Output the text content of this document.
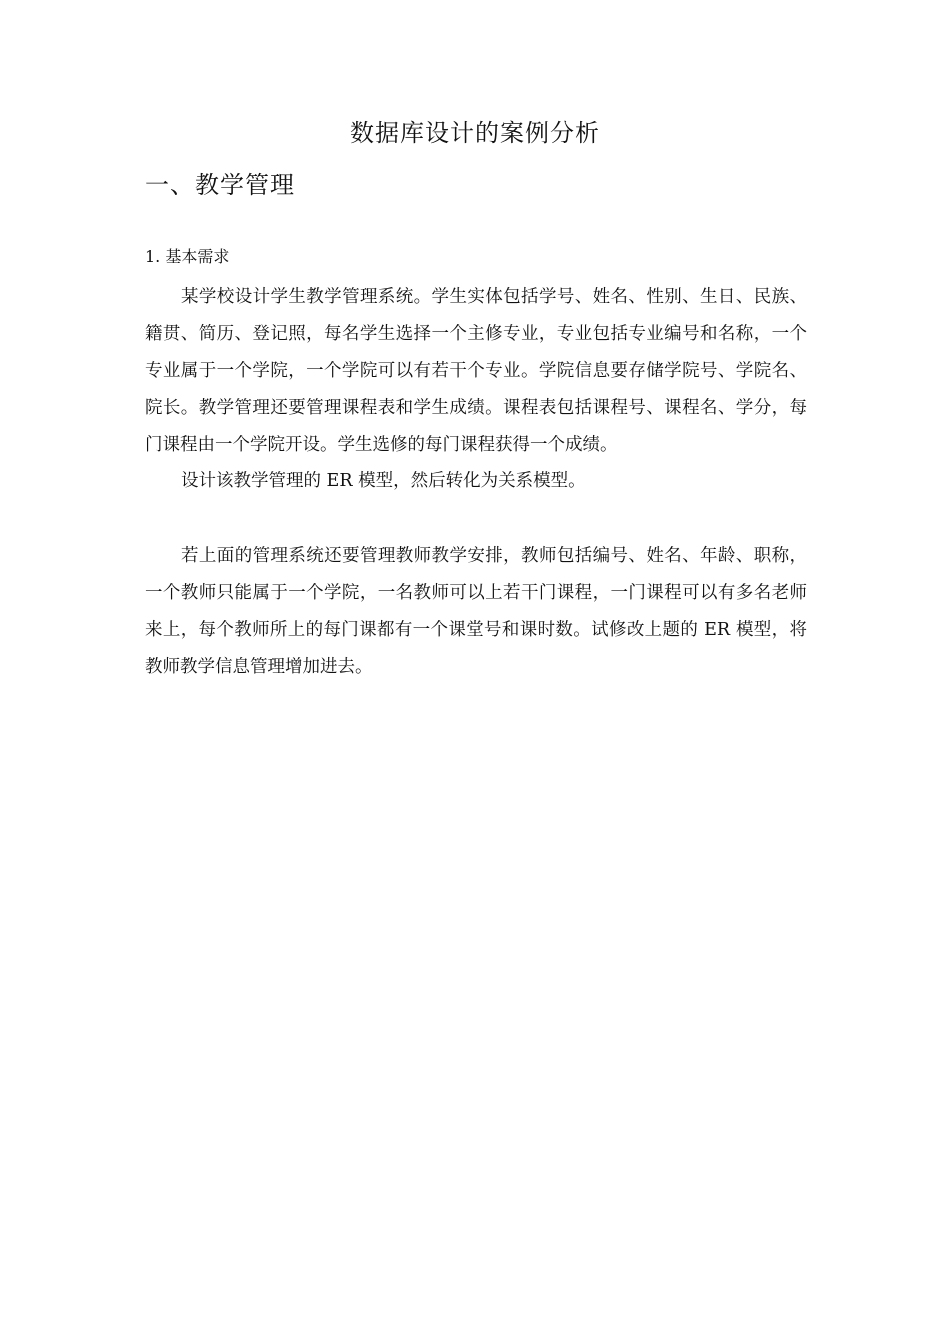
数据库设计的案例分析
一、教学管理
1. 基本需求

某学校设计学生教学管理系统。学生实体包括学号、姓名、性别、生日、民族、籍贯、简历、登记照，每名学生选择一个主修专业，专业包括专业编号和名称，一个专业属于一个学院，一个学院可以有若干个专业。学院信息要存储学院号、学院名、院长。教学管理还要管理课程表和学生成绩。课程表包括课程号、课程名、学分，每门课程由一个学院开设。学生选修的每门课程获得一个成绩。

设计该教学管理的 ER 模型，然后转化为关系模型。

若上面的管理系统还要管理教师教学安排，教师包括编号、姓名、年龄、职称，一个教师只能属于一个学院，一名教师可以上若干门课程，一门课程可以有多名老师来上，每个教师所上的每门课都有一个课堂号和课时数。试修改上题的 ER 模型，将教师教学信息管理增加进去。
